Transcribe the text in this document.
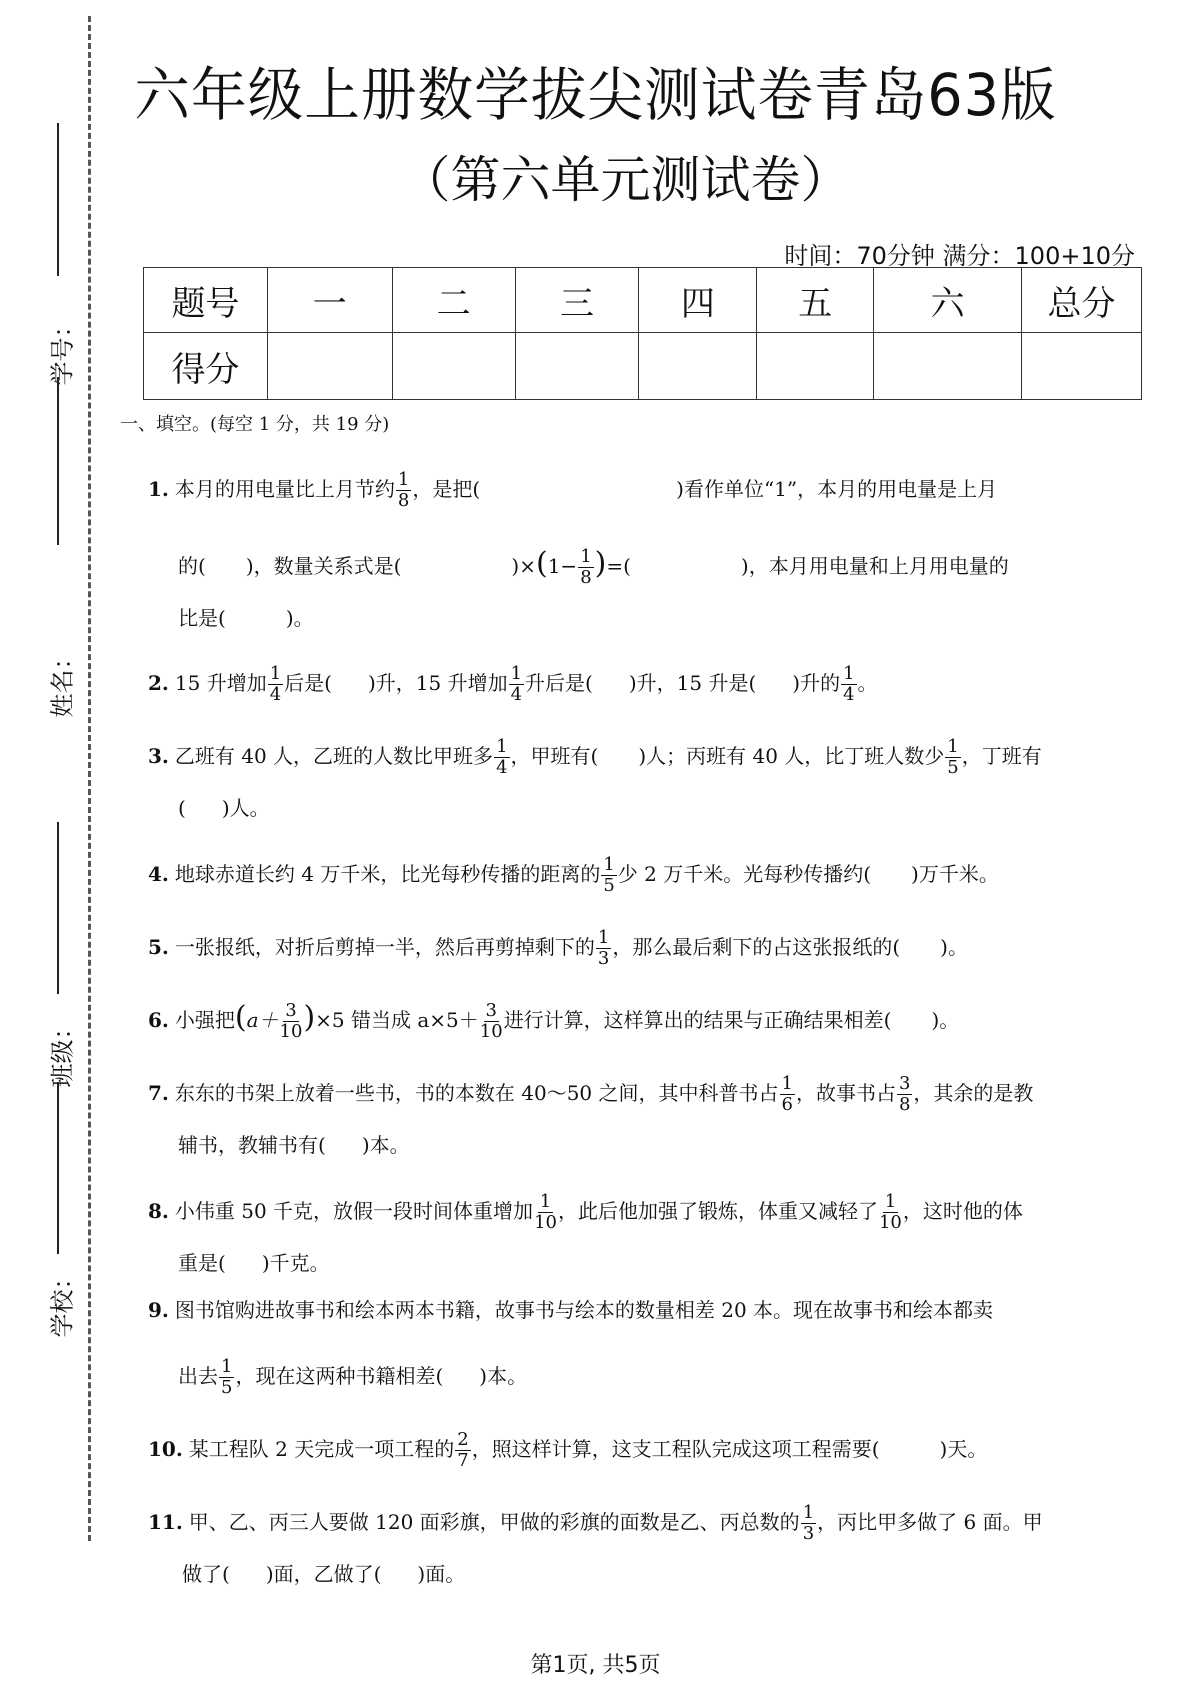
学号：
姓名：
班级：
学校：
六年级上册数学拔尖测试卷青岛63版
（第六单元测试卷）
时间：70分钟 满分：100+10分
题号	一	二	三	四	五	六	总分
得分							
一、填空。(每空 1 分，共 19 分)
1. 本月的用电量比上月节约 $\frac{1}{8}$ ，是把(	)看作单位“1”，本月的用电量是上月
的( )，数量关系式是(	)$\times(1- \frac{1}{8}$ )=(	)，本月用电量和上月用电量的
比是(	)。
2. 15 升增加 $\frac{1}{4}$ 后是( )升，15 升增加 $\frac{1}{4}$ 升后是( )升，15 升是( )升的 $\frac{1}{4}$ 。
3. 乙班有 40 人，乙班的人数比甲班多 $\frac{1}{4}$ ，甲班有( )人；丙班有 40 人，比丁班人数少 $\frac{1}{5}$ ，丁班有
( )人。
4. 地球赤道长约 4 万千米，比光每秒传播的距离的 $\frac{1}{5}$ 少 2 万千米。光每秒传播约( )万千米。
5. 一张报纸，对折后剪掉一半，然后再剪掉剩下的 $\frac{1}{3}$ ，那么最后剩下的占这张报纸的( )。
6. 小强把$(a+ \frac{3}{10} )\times 5$ 错当成 $a\times 5+ \frac{3}{10}$ 进行计算，这样算出的结果与正确结果相差( )。
7. 东东的书架上放着一些书，书的本数在 40～50 之间，其中科普书占 $\frac{1}{6}$ ，故事书占 $\frac{3}{8}$ ，其余的是教
辅书，教辅书有( )本。
8. 小伟重 50 千克，放假一段时间体重增加 $\frac{1}{10}$ ，此后他加强了锻炼，体重又减轻了 $\frac{1}{10}$ ，这时他的体
重是( )千克。
9. 图书馆购进故事书和绘本两本书籍，故事书与绘本的数量相差 20 本。现在故事书和绘本都卖
出去 $\frac{1}{5}$ ，现在这两种书籍相差( )本。
10. 某工程队 2 天完成一项工程的 $\frac{2}{7}$ ，照这样计算，这支工程队完成这项工程需要(	)天。
11. 甲、乙、丙三人要做 120 面彩旗，甲做的彩旗的面数是乙、丙总数的 $\frac{1}{3}$ ，丙比甲多做了 6 面。甲
做了( )面，乙做了( )面。
第1页, 共5页
